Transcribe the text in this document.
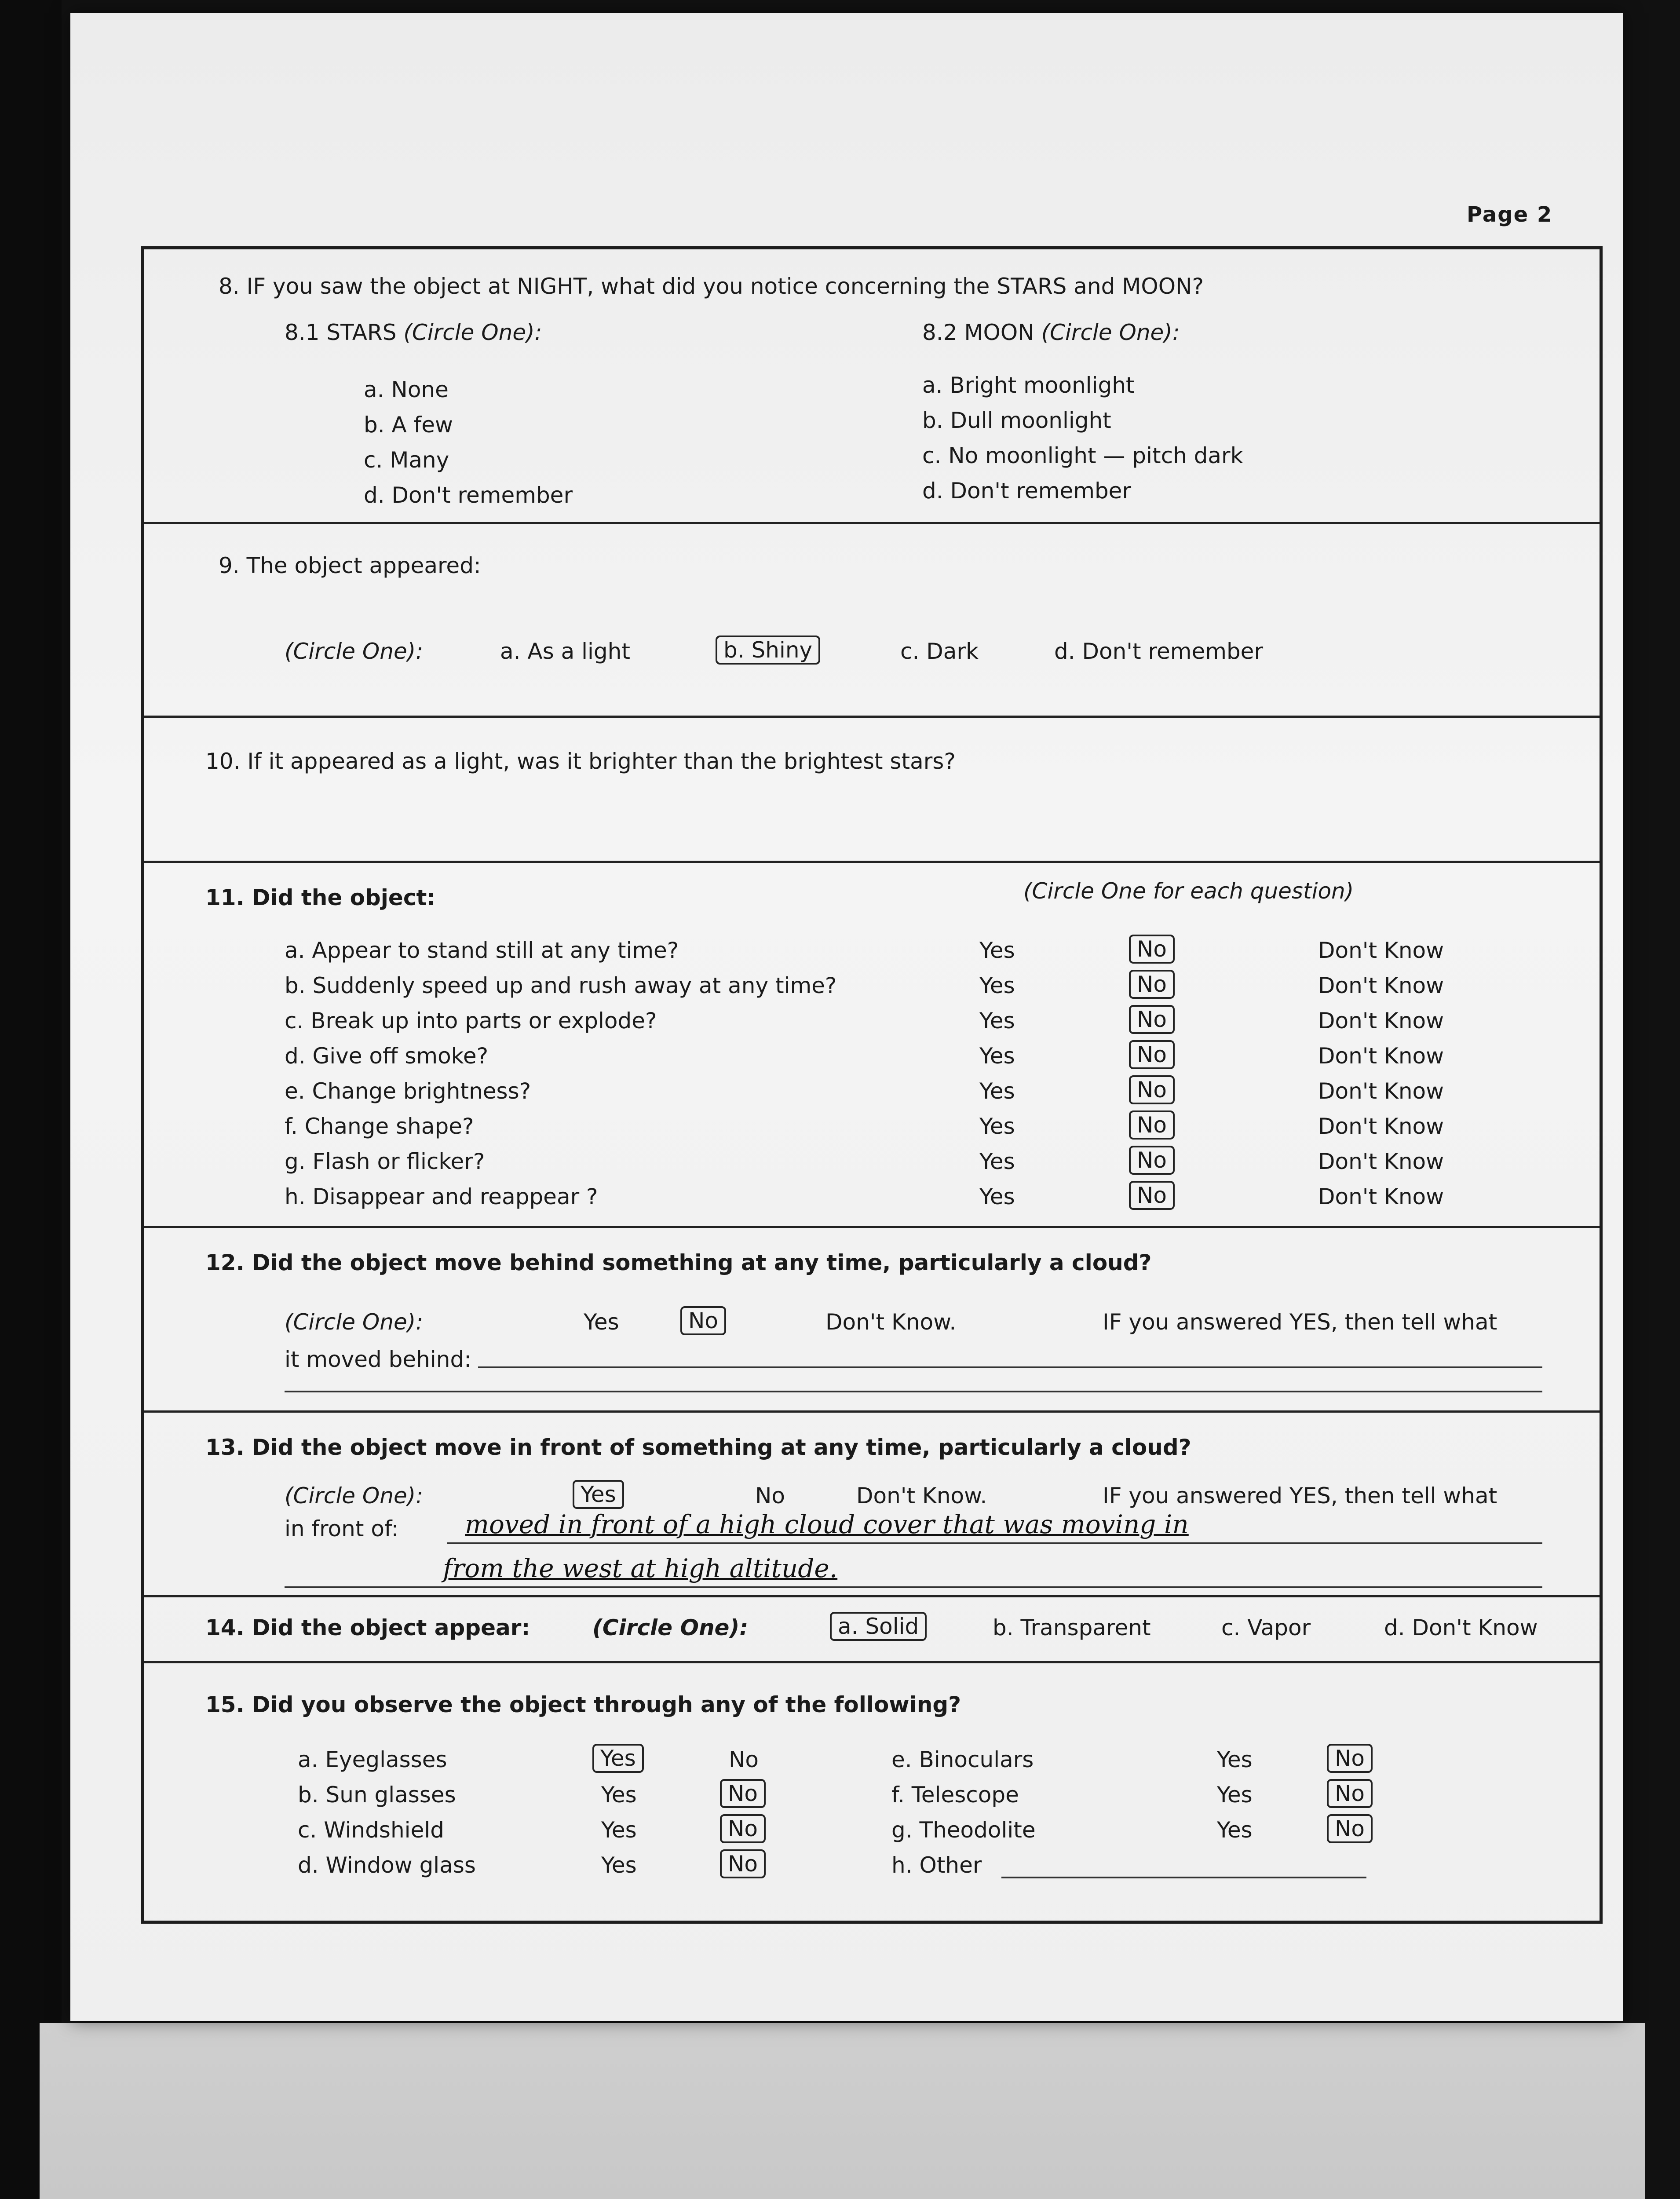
Page 2
8. IF you saw the object at NIGHT, what did you notice concerning the STARS and MOON?
8.1 STARS (Circle One):	8.2 MOON (Circle One):
a. None
b. A few
c. Many
d. Don't remember
a. Bright moonlight
b. Dull moonlight
c. No moonlight — pitch dark
d. Don't remember
9. The object appeared:
(Circle One):	a. As a light	b. Shiny	c. Dark	d. Don't remember
10. If it appeared as a light, was it brighter than the brightest stars?
11. Did the object:	(Circle One for each question)
a. Appear to stand still at any time?	Yes	No	Don't Know
b. Suddenly speed up and rush away at any time?	Yes	No	Don't Know
c. Break up into parts or explode?	Yes	No	Don't Know
d. Give off smoke?	Yes	No	Don't Know
e. Change brightness?	Yes	No	Don't Know
f. Change shape?	Yes	No	Don't Know
g. Flash or flicker?	Yes	No	Don't Know
h. Disappear and reappear ?	Yes	No	Don't Know
12. Did the object move behind something at any time, particularly a cloud?
(Circle One):	Yes	No	Don't Know.	IF you answered YES, then tell what
it moved behind:
13. Did the object move in front of something at any time, particularly a cloud?
(Circle One):	Yes	No	Don't Know.	IF you answered YES, then tell what
in front of:	moved in front of a high cloud cover that was moving in
from the west at high altitude.
14. Did the object appear:	(Circle One):	a. Solid	b. Transparent	c. Vapor	d. Don't Know
15. Did you observe the object through any of the following?
a. Eyeglasses	Yes	No
b. Sun glasses	Yes	No
c. Windshield	Yes	No
d. Window glass	Yes	No
e. Binoculars	Yes	No
f. Telescope	Yes	No
g. Theodolite	Yes	No
h. Other
